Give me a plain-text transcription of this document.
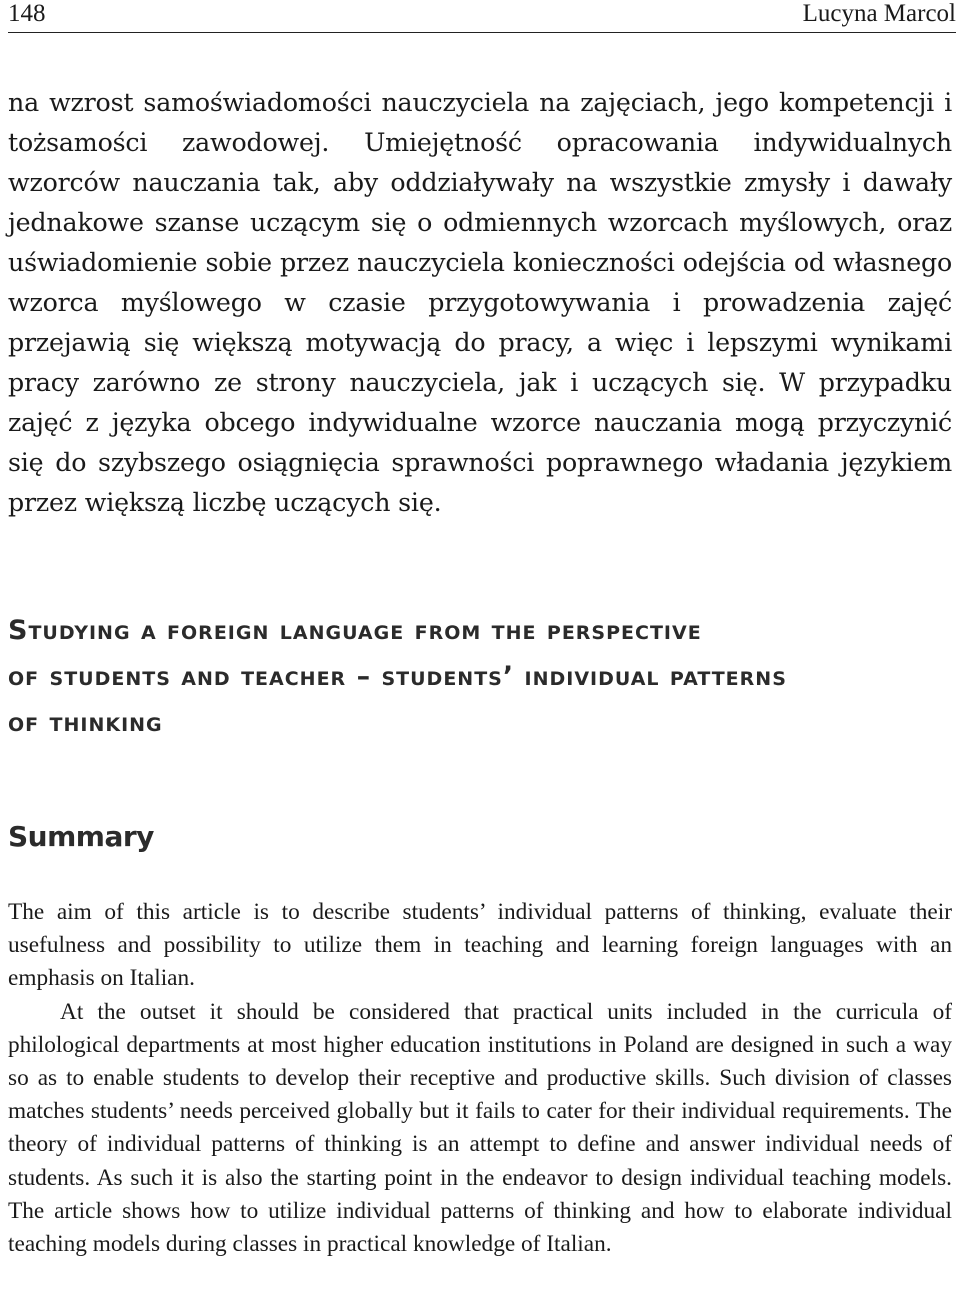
148	Lucyna Marcol
na wzrost samoświadomości nauczyciela na zajęciach, jego kompetencji i tożsamości zawodowej. Umiejętność opracowania indywidualnych wzorców nauczania tak, aby oddziaływały na wszystkie zmysły i dawały jednakowe szanse uczącym się o odmiennych wzorcach myślowych, oraz uświadomienie sobie przez nauczyciela konieczności odejścia od własnego wzorca myślowego w czasie przygotowywania i prowadzenia zajęć przejawią się większą motywacją do pracy, a więc i lepszymi wynikami pracy zarówno ze strony nauczyciela, jak i uczących się. W przypadku zajęć z języka obcego indywidualne wzorce nauczania mogą przyczynić się do szybszego osiągnięcia sprawności poprawnego władania językiem przez większą liczbę uczących się.
Studying a foreign language from the perspective
of students and teacher – students’ individual patterns
of thinking
Summary

The aim of this article is to describe students’ individual patterns of thinking, evaluate their usefulness and possibility to utilize them in teaching and learning foreign languages with an emphasis on Italian.

At the outset it should be considered that practical units included in the curricula of philological departments at most higher education institutions in Poland are designed in such a way so as to enable students to develop their receptive and productive skills. Such division of classes matches students’ needs perceived globally but it fails to cater for their individual requirements. The theory of individual patterns of thinking is an attempt to define and answer individual needs of students. As such it is also the starting point in the endeavor to design individual teaching models. The article shows how to utilize individual patterns of thinking and how to elaborate individual teaching models during classes in practical knowledge of Italian.
